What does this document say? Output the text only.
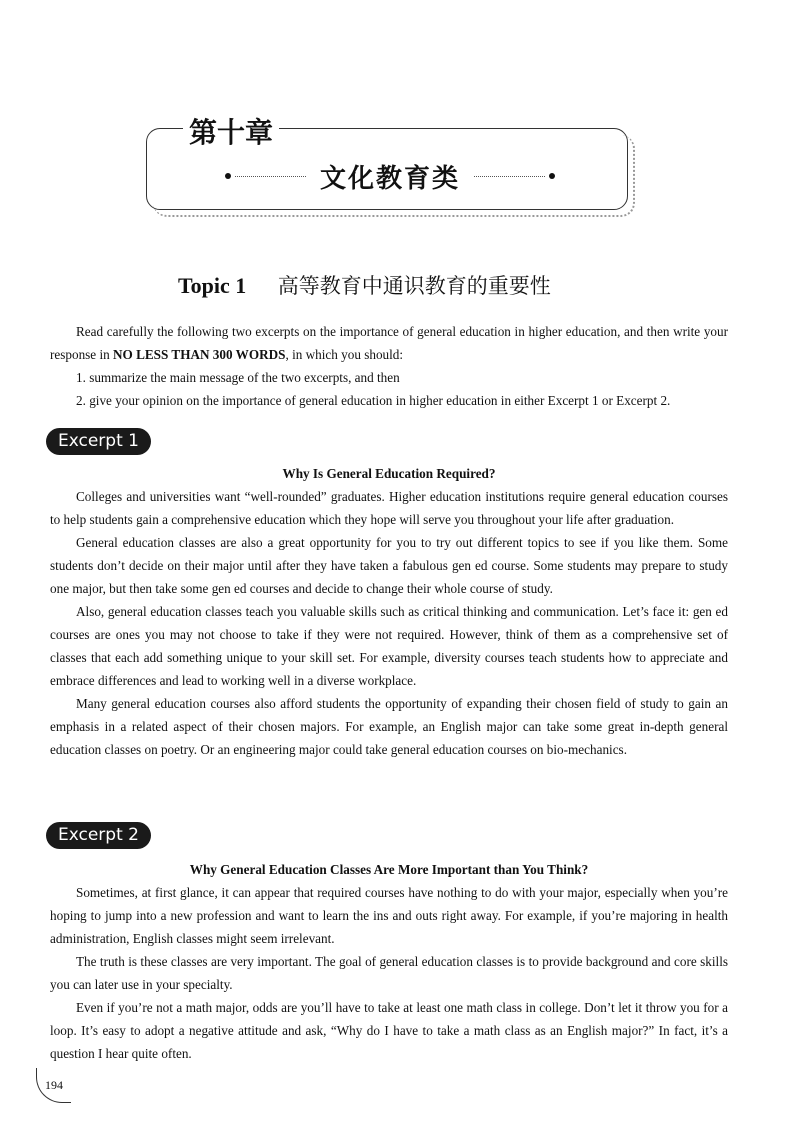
第十章
文化教育类
Topic 1 高等教育中通识教育的重要性

Read carefully the following two excerpts on the importance of general education in higher education, and then write your response in NO LESS THAN 300 WORDS, in which you should:

1. summarize the main message of the two excerpts, and then

2. give your opinion on the importance of general education in higher education in either Excerpt 1 or Excerpt 2.

Excerpt 1

Why Is General Education Required?

Colleges and universities want “well-rounded” graduates. Higher education institutions require general education courses to help students gain a comprehensive education which they hope will serve you throughout your life after graduation.

General education classes are also a great opportunity for you to try out different topics to see if you like them. Some students don’t decide on their major until after they have taken a fabulous gen ed course. Some students may prepare to study one major, but then take some gen ed courses and decide to change their whole course of study.

Also, general education classes teach you valuable skills such as critical thinking and communication. Let’s face it: gen ed courses are ones you may not choose to take if they were not required. However, think of them as a comprehensive set of classes that each add something unique to your skill set. For example, diversity courses teach students how to appreciate and embrace differences and lead to working well in a diverse workplace.

Many general education courses also afford students the opportunity of expanding their chosen field of study to gain an emphasis in a related aspect of their chosen majors. For example, an English major can take some great in-depth general education classes on poetry. Or an engineering major could take general education courses on bio-mechanics.

Excerpt 2

Why General Education Classes Are More Important than You Think?

Sometimes, at first glance, it can appear that required courses have nothing to do with your major, especially when you’re hoping to jump into a new profession and want to learn the ins and outs right away. For example, if you’re majoring in health administration, English classes might seem irrelevant.

The truth is these classes are very important. The goal of general education classes is to provide background and core skills you can later use in your specialty.

Even if you’re not a math major, odds are you’ll have to take at least one math class in college. Don’t let it throw you for a loop. It’s easy to adopt a negative attitude and ask, “Why do I have to take a math class as an English major?” In fact, it’s a question I hear quite often.

194
